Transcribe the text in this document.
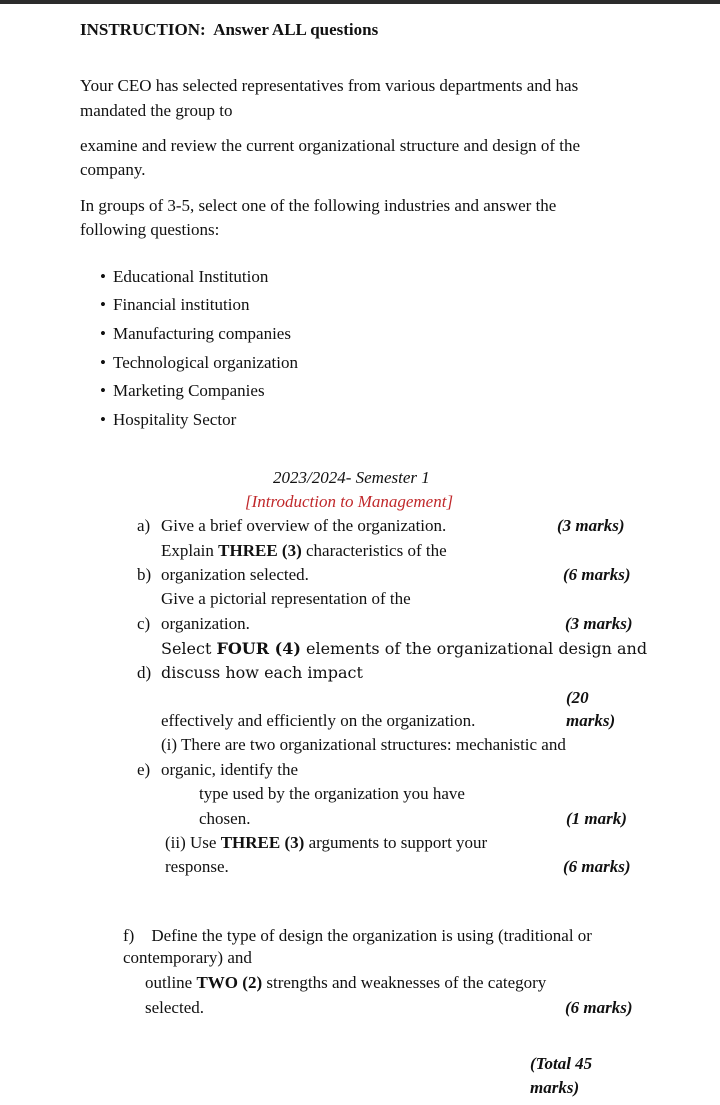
INSTRUCTION: Answer ALL questions
Your CEO has selected representatives from various departments and has
mandated the group to
examine and review the current organizational structure and design of the
company.
In groups of 3-5, select one of the following industries and answer the
following questions:
• Educational Institution
• Financial institution
• Manufacturing companies
• Technological organization
• Marketing Companies
• Hospitality Sector
2023/2024- Semester 1
[Introduction to Management]
a) Give a brief overview of the organization.	(3 marks)
Explain THREE (3) characteristics of the
b) organization selected.	(6 marks)
Give a pictorial representation of the
c) organization.	(3 marks)
Select FOUR (4) elements of the organizational design and
d) discuss how each impact
(20
effectively and efficiently on the organization.	marks)
(i) There are two organizational structures: mechanistic and
e) organic, identify the
type used by the organization you have
chosen.	(1 mark)
(ii) Use THREE (3) arguments to support your
response.	(6 marks)
f) Define the type of design the organization is using (traditional or
contemporary) and
outline TWO (2) strengths and weaknesses of the category
selected.	(6 marks)
(Total 45
marks)
